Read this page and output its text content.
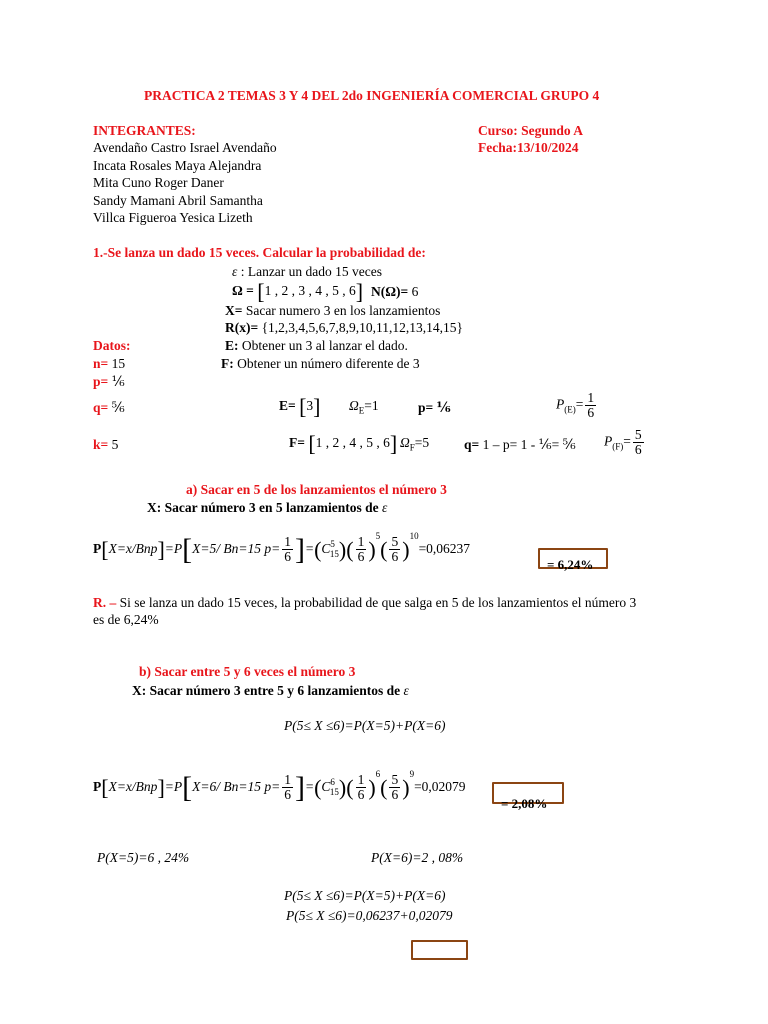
PRACTICA 2 TEMAS 3 Y 4 DEL 2do INGENIERÍA COMERCIAL GRUPO 4
INTEGRANTES:	Curso: Segundo A
Avendaño Castro Israel Avendaño	Fecha:13/10/2024
Incata Rosales Maya Alejandra
Mita Cuno Roger Daner
Sandy Mamani Abril Samantha
Villca Figueroa Yesica Lizeth
1.-Se lanza un dado 15 veces. Calcular la probabilidad de:
ε : Lanzar un dado 15 veces
Ω = [1 , 2 , 3 , 4 , 5 , 6] N(Ω)= 6
X= Sacar numero 3 en los lanzamientos
R(x)= {1,2,3,4,5,6,7,8,9,10,11,12,13,14,15}
Datos:	E: Obtener un 3 al lanzar el dado.
n= 15	F: Obtener un número diferente de 3
p= ⅙
q= ⅚	E= [3] $\Omega_E=1$	p= ⅙	$P_{(E)}= \frac{1}{6}$
k= 5	F= [1 , 2 , 4 , 5 , 6] $\Omega_F=5$	q= 1 – p= 1 - ⅙= ⅚ $P_{(F)}= \frac{5}{6}$
a) Sacar en 5 de los lanzamientos el número 3
X: Sacar número 3 en 5 lanzamientos de ε
P[X=x/Bnp]=P[X=5/ Bn=15 $p= \frac{1}{6} ]=(C^5_{15})( \frac{1}{6} )^5( \frac{5}{6} )^{10}=0,06237$
= 6,24%
R. – Si se lanza un dado 15 veces, la probabilidad de que salga en 5 de los lanzamientos el número 3
es de 6,24%
b) Sacar entre 5 y 6 veces el número 3
X: Sacar número 3 entre 5 y 6 lanzamientos de ε
P(5≤ X ≤6)=P(X=5)+P(X=6)
P[X=x/Bnp]=P[X=6/ Bn=15 $p= \frac{1}{6} ]=(C^6_{15})( \frac{1}{6} )^6( \frac{5}{6} )^9=0,02079$
= 2,08%
P(X=5)=6 , 24%	P(X=6)=2 , 08%
P(5≤ X ≤6)=P(X=5)+P(X=6)
P(5≤ X ≤6)=0,06237+0,02079
